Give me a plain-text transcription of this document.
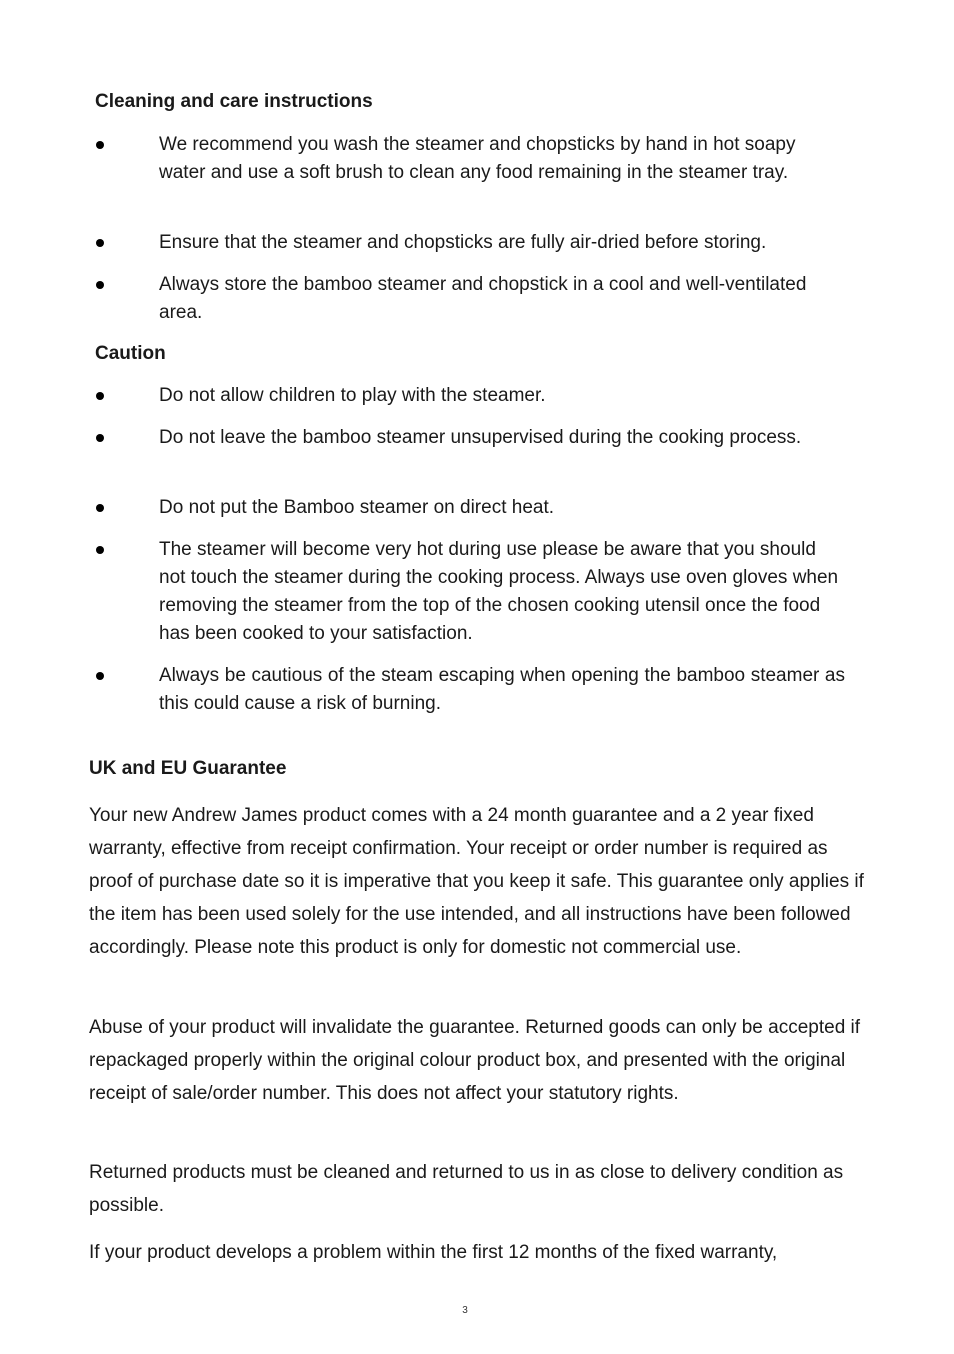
Cleaning and care instructions

We recommend you wash the steamer and chopsticks by hand in hot soapy water and use a soft brush to clean any food remaining in the steamer tray.

Ensure that the steamer and chopsticks are fully air-dried before storing.

Always store the bamboo steamer and chopstick in a cool and well-ventilated area.

Caution

Do not allow children to play with the steamer.

Do not leave the bamboo steamer unsupervised during the cooking process.

Do not put the Bamboo steamer on direct heat.

The steamer will become very hot during use please be aware that you should not touch the steamer during the cooking process. Always use oven gloves when removing the steamer from the top of the chosen cooking utensil once the food has been cooked to your satisfaction.

Always be cautious of the steam escaping when opening the bamboo steamer as this could cause a risk of burning.

UK and EU Guarantee

Your new Andrew James product comes with a 24 month guarantee and a 2 year fixed warranty, effective from receipt confirmation. Your receipt or order number is required as proof of purchase date so it is imperative that you keep it safe. This guarantee only applies if the item has been used solely for the use intended, and all instructions have been followed accordingly. Please note this product is only for domestic not commercial use.

Abuse of your product will invalidate the guarantee. Returned goods can only be accepted if repackaged properly within the original colour product box, and presented with the original receipt of sale/order number. This does not affect your statutory rights.

Returned products must be cleaned and returned to us in as close to delivery condition as possible.

If your product develops a problem within the first 12 months of the fixed warranty,

3
